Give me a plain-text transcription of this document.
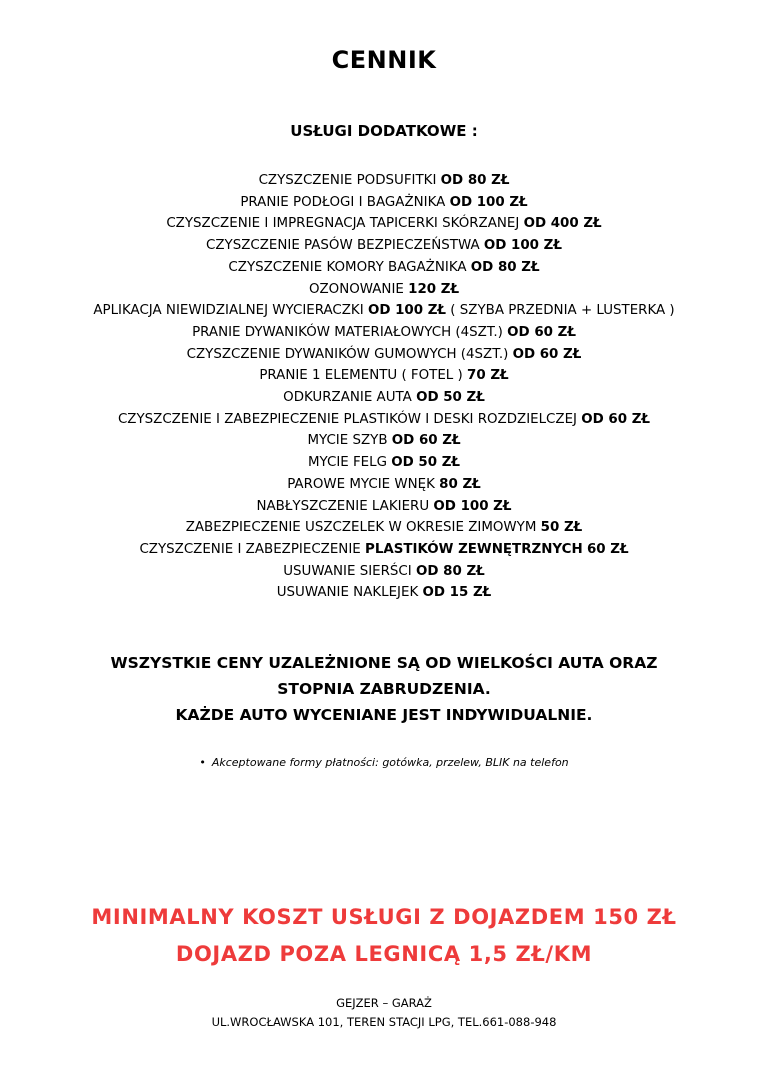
CENNIK
USŁUGI DODATKOWE :
CZYSZCZENIE PODSUFITKI OD 80 ZŁ
PRANIE PODŁOGI I BAGAŻNIKA OD 100 ZŁ
CZYSZCZENIE I IMPREGNACJA TAPICERKI SKÓRZANEJ OD 400 ZŁ
CZYSZCZENIE PASÓW BEZPIECZEŃSTWA OD 100 ZŁ
CZYSZCZENIE KOMORY BAGAŻNIKA OD 80 ZŁ
OZONOWANIE 120 ZŁ
APLIKACJA NIEWIDZIALNEJ WYCIERACZKI OD 100 ZŁ ( SZYBA PRZEDNIA + LUSTERKA )
PRANIE DYWANIKÓW MATERIAŁOWYCH (4SZT.) OD 60 ZŁ
CZYSZCZENIE DYWANIKÓW GUMOWYCH (4SZT.) OD 60 ZŁ
PRANIE 1 ELEMENTU ( FOTEL ) 70 ZŁ
ODKURZANIE AUTA OD 50 ZŁ
CZYSZCZENIE I ZABEZPIECZENIE PLASTIKÓW I DESKI ROZDZIELCZEJ OD 60 ZŁ
MYCIE SZYB OD 60 ZŁ
MYCIE FELG OD 50 ZŁ
PAROWE MYCIE WNĘK 80 ZŁ
NABŁYSZCZENIE LAKIERU OD 100 ZŁ
ZABEZPIECZENIE USZCZELEK W OKRESIE ZIMOWYM 50 ZŁ
CZYSZCZENIE I ZABEZPIECZENIE PLASTIKÓW ZEWNĘTRZNYCH 60 ZŁ
USUWANIE SIERŚCI OD 80 ZŁ
USUWANIE NAKLEJEK OD 15 ZŁ
WSZYSTKIE CENY UZALEŻNIONE SĄ OD WIELKOŚCI AUTA ORAZ
STOPNIA ZABRUDZENIA.
KAŻDE AUTO WYCENIANE JEST INDYWIDUALNIE.
• Akceptowane formy płatności: gotówka, przelew, BLIK na telefon
MINIMALNY KOSZT USŁUGI Z DOJAZDEM 150 ZŁ
DOJAZD POZA LEGNICĄ 1,5 ZŁ/KM
GEJZER – GARAŻ
UL.WROCŁAWSKA 101, TEREN STACJI LPG, TEL.661-088-948
